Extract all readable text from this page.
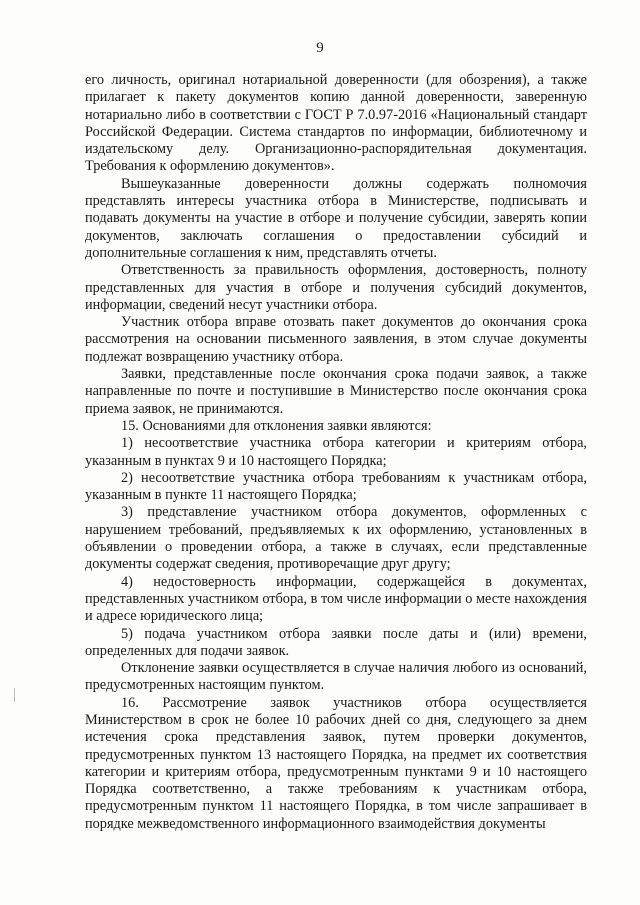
9

его личность, оригинал нотариальной доверенности (для обозрения), а также прилагает к пакету документов копию данной доверенности, заверенную нотариально либо в соответствии с ГОСТ Р 7.0.97-2016 «Национальный стандарт Российской Федерации. Система стандартов по информации, библиотечному и издательскому делу. Организационно-распорядительная документация. Требования к оформлению документов».

Вышеуказанные доверенности должны содержать полномочия представлять интересы участника отбора в Министерстве, подписывать и подавать документы на участие в отборе и получение субсидии, заверять копии документов, заключать соглашения о предоставлении субсидий и дополнительные соглашения к ним, представлять отчеты.

Ответственность за правильность оформления, достоверность, полноту представленных для участия в отборе и получения субсидий документов, информации, сведений несут участники отбора.

Участник отбора вправе отозвать пакет документов до окончания срока рассмотрения на основании письменного заявления, в этом случае документы подлежат возвращению участнику отбора.

Заявки, представленные после окончания срока подачи заявок, а также направленные по почте и поступившие в Министерство после окончания срока приема заявок, не принимаются.

15. Основаниями для отклонения заявки являются:

1) несоответствие участника отбора категории и критериям отбора, указанным в пунктах 9 и 10 настоящего Порядка;

2) несоответствие участника отбора требованиям к участникам отбора, указанным в пункте 11 настоящего Порядка;

3) представление участником отбора документов, оформленных с нарушением требований, предъявляемых к их оформлению, установленных в объявлении о проведении отбора, а также в случаях, если представленные документы содержат сведения, противоречащие друг другу;

4) недостоверность информации, содержащейся в документах, представленных участником отбора, в том числе информации о месте нахождения и адресе юридического лица;

5) подача участником отбора заявки после даты и (или) времени, определенных для подачи заявок.

Отклонение заявки осуществляется в случае наличия любого из оснований, предусмотренных настоящим пунктом.

16. Рассмотрение заявок участников отбора осуществляется Министерством в срок не более 10 рабочих дней со дня, следующего за днем истечения срока представления заявок, путем проверки документов, предусмотренных пунктом 13 настоящего Порядка, на предмет их соответствия категории и критериям отбора, предусмотренным пунктами 9 и 10 настоящего Порядка соответственно, а также требованиям к участникам отбора, предусмотренным пунктом 11 настоящего Порядка, в том числе запрашивает в порядке межведомственного информационного взаимодействия документы
